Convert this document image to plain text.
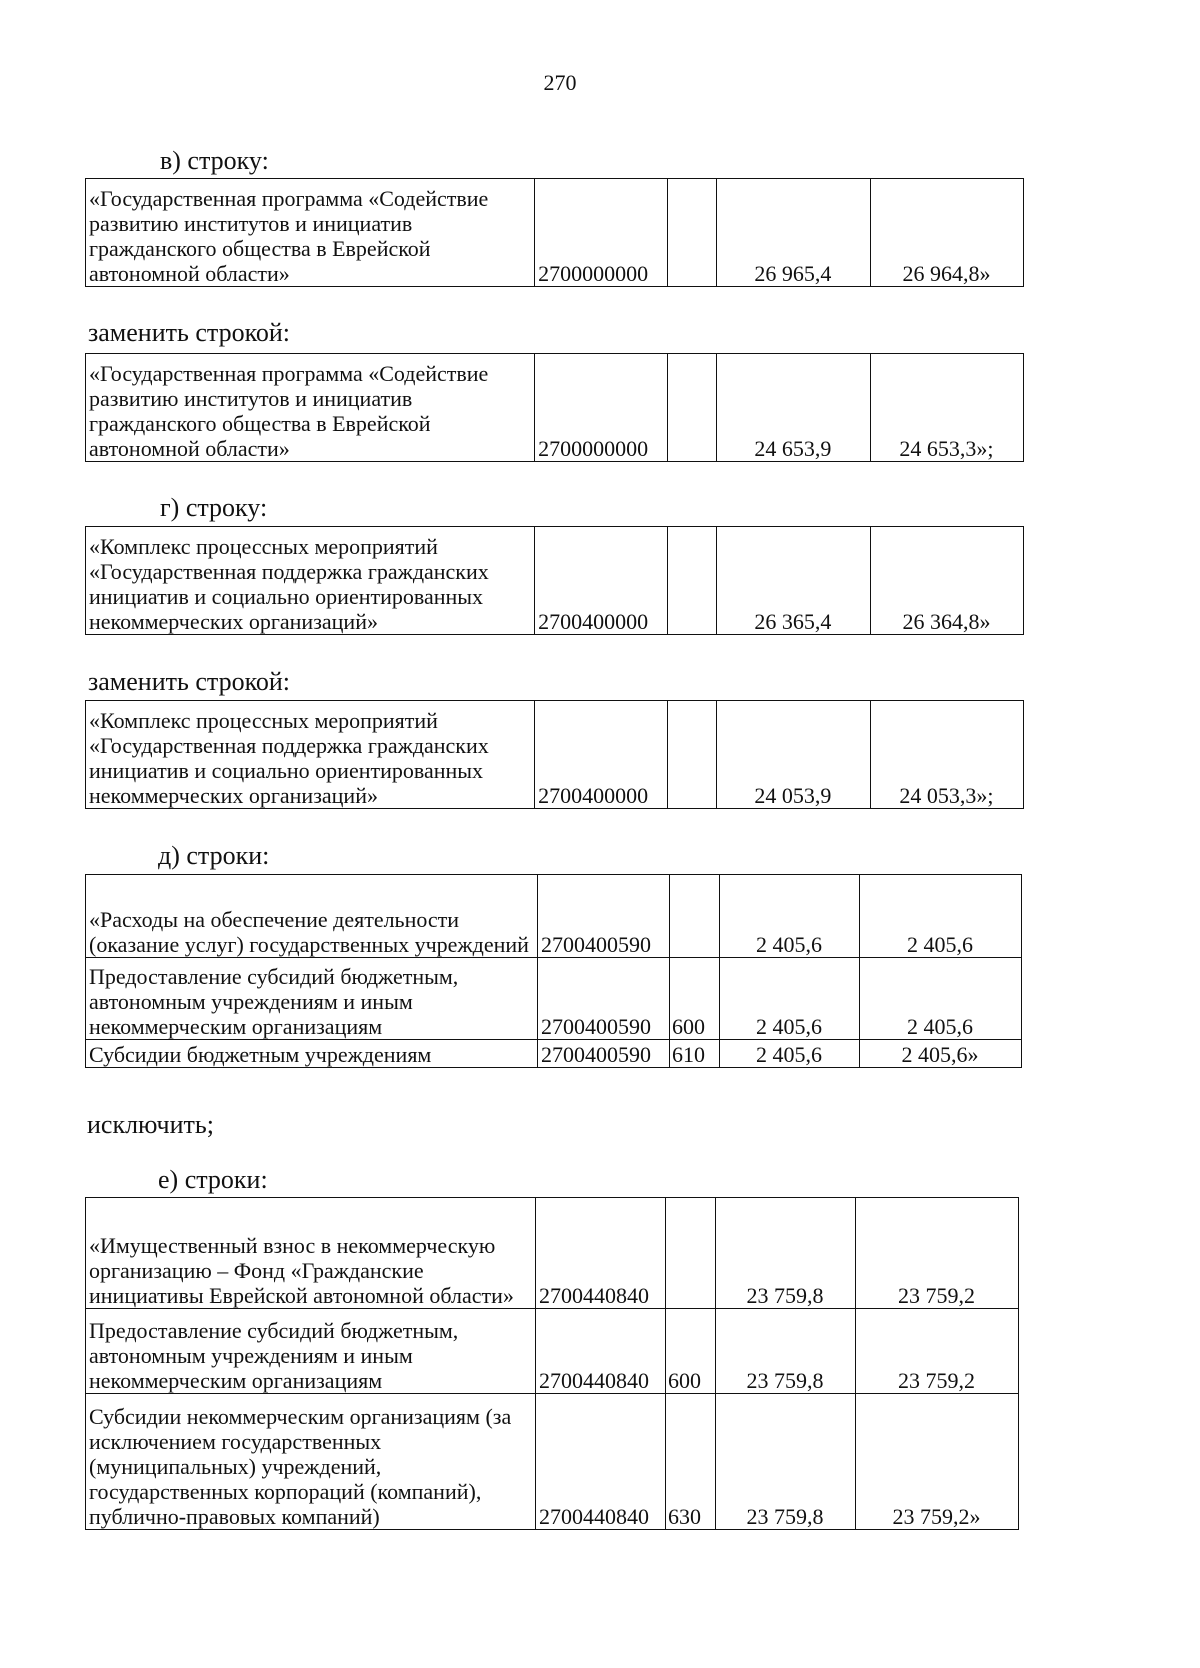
270
в) строку:
«Государственная программа «Содействие развитию институтов и инициатив гражданского общества в Еврейской автономной области»	2700000000		26 965,4	26 964,8»
заменить строкой:
«Государственная программа «Содействие развитию институтов и инициатив гражданского общества в Еврейской автономной области»	2700000000		24 653,9	24 653,3»;
г) строку:
«Комплекс процессных мероприятий «Государственная поддержка гражданских инициатив и социально ориентированных некоммерческих организаций»	2700400000		26 365,4	26 364,8»
заменить строкой:
«Комплекс процессных мероприятий «Государственная поддержка гражданских инициатив и социально ориентированных некоммерческих организаций»	2700400000		24 053,9	24 053,3»;
д) строки:
«Расходы на обеспечение деятельности (оказание услуг) государственных учреждений	2700400590		2 405,6	2 405,6
Предоставление субсидий бюджетным, автономным учреждениям и иным некоммерческим организациям	2700400590	600	2 405,6	2 405,6
Субсидии бюджетным учреждениям	2700400590	610	2 405,6	2 405,6»
исключить;
е) строки:
«Имущественный взнос в некоммерческую организацию – Фонд «Гражданские инициативы Еврейской автономной области»	2700440840		23 759,8	23 759,2
Предоставление субсидий бюджетным, автономным учреждениям и иным некоммерческим организациям	2700440840	600	23 759,8	23 759,2
Субсидии некоммерческим организациям (за исключением государственных (муниципальных) учреждений, государственных корпораций (компаний), публично-правовых компаний)	2700440840	630	23 759,8	23 759,2»
